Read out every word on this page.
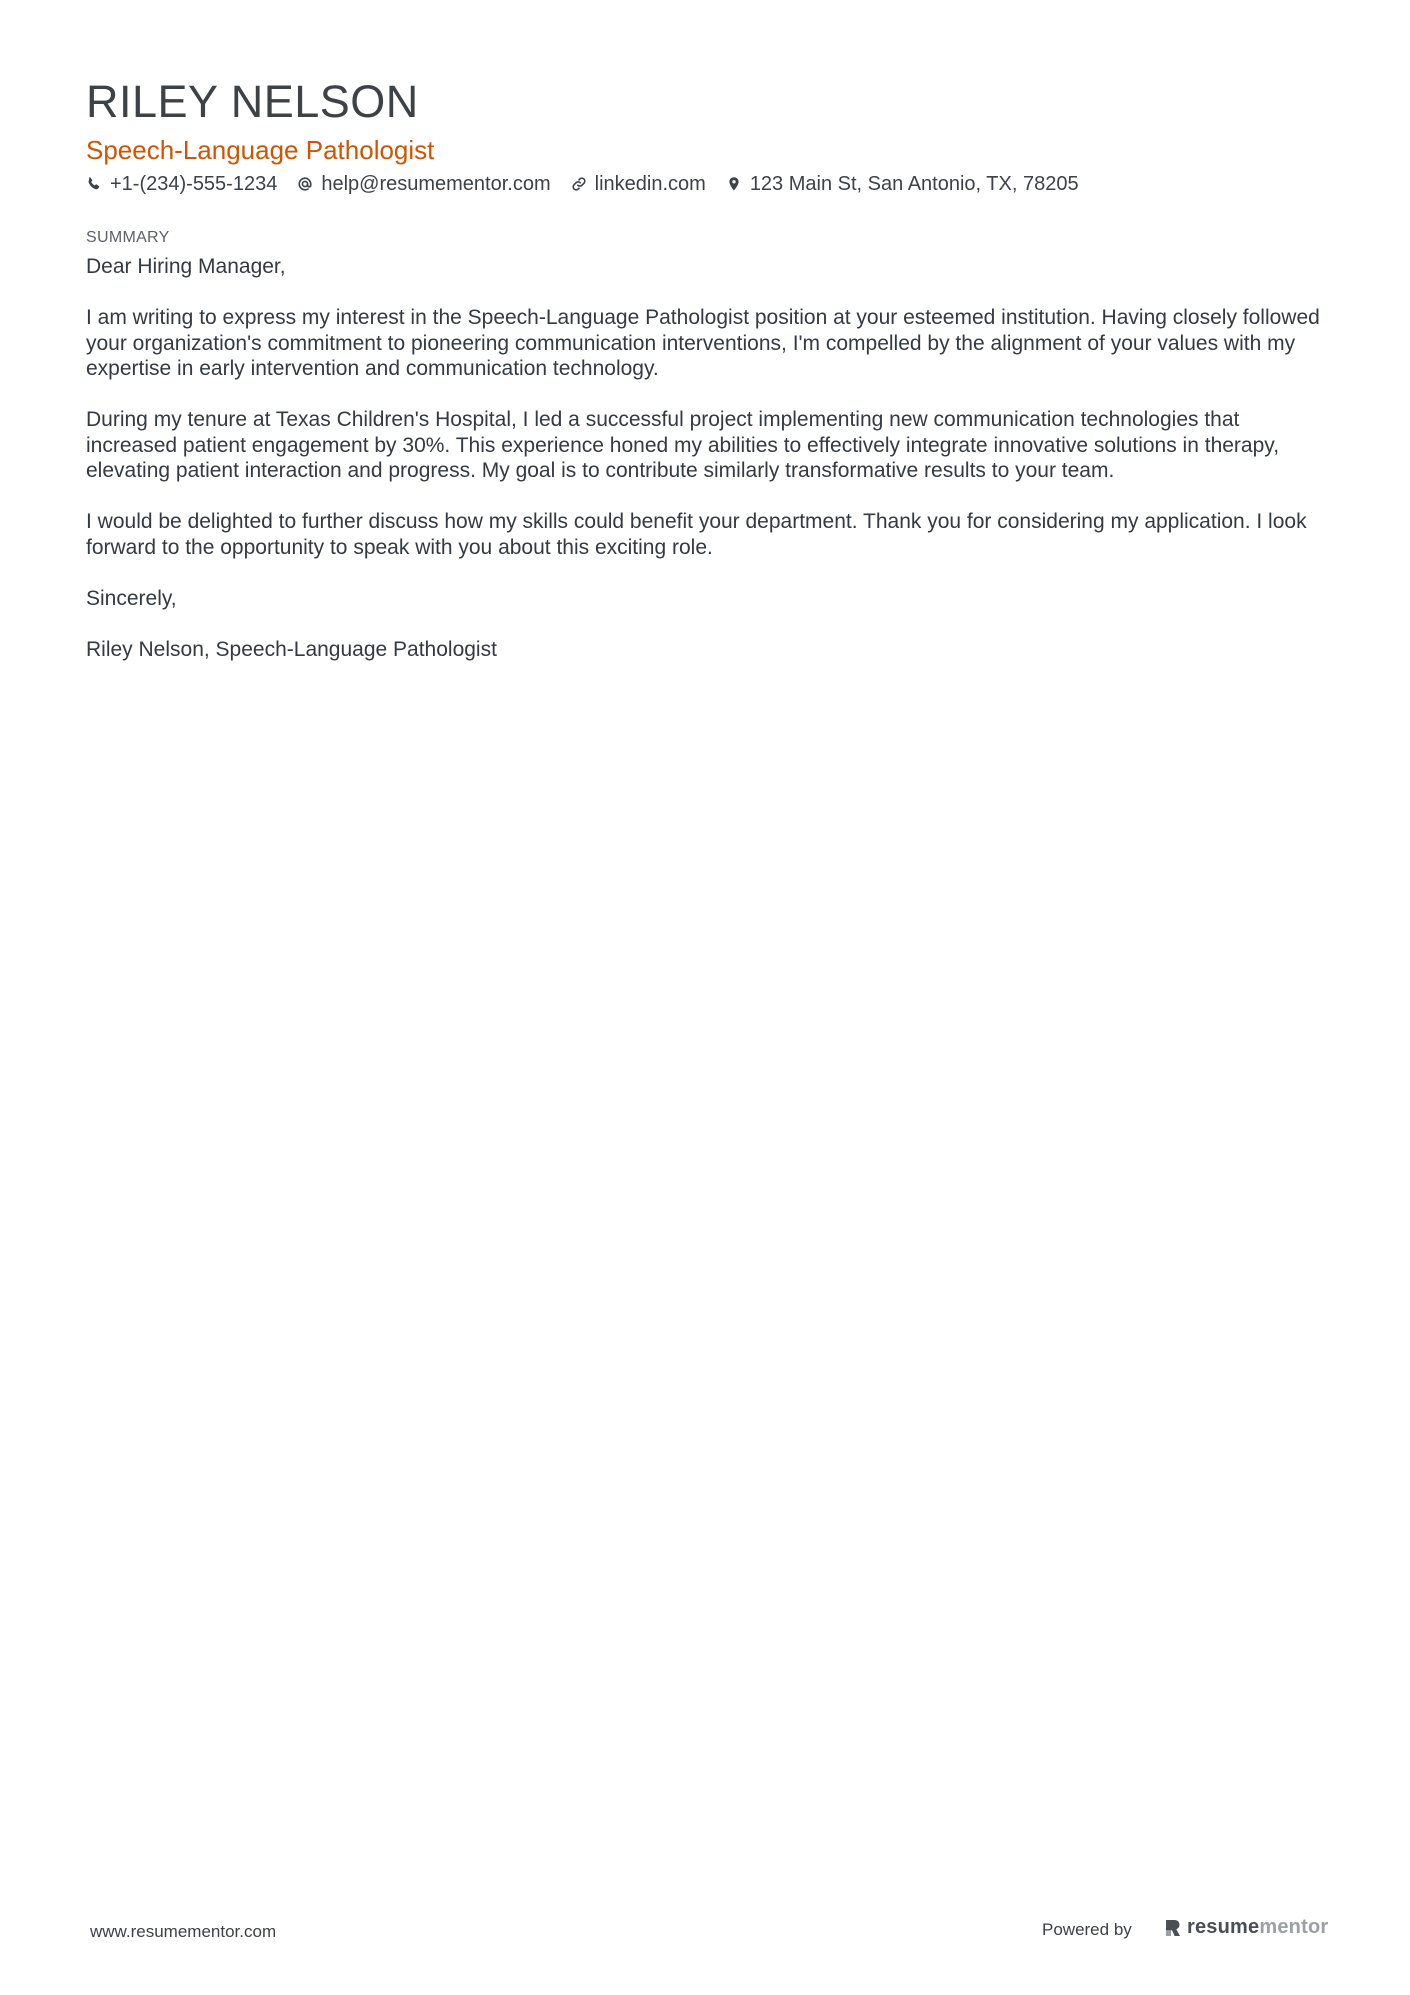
RILEY NELSON
Speech-Language Pathologist
+1-(234)-555-1234 help@resumementor.com linkedin.com 123 Main St, San Antonio, TX, 78205
SUMMARY

Dear Hiring Manager,

I am writing to express my interest in the Speech-Language Pathologist position at your esteemed institution. Having closely followed your organization's commitment to pioneering communication interventions, I'm compelled by the alignment of your values with my expertise in early intervention and communication technology.

During my tenure at Texas Children's Hospital, I led a successful project implementing new communication technologies that increased patient engagement by 30%. This experience honed my abilities to effectively integrate innovative solutions in therapy, elevating patient interaction and progress. My goal is to contribute similarly transformative results to your team.

I would be delighted to further discuss how my skills could benefit your department. Thank you for considering my application. I look forward to the opportunity to speak with you about this exciting role.

Sincerely,

Riley Nelson, Speech-Language Pathologist

www.resumementor.com	Powered by	resume mentor
